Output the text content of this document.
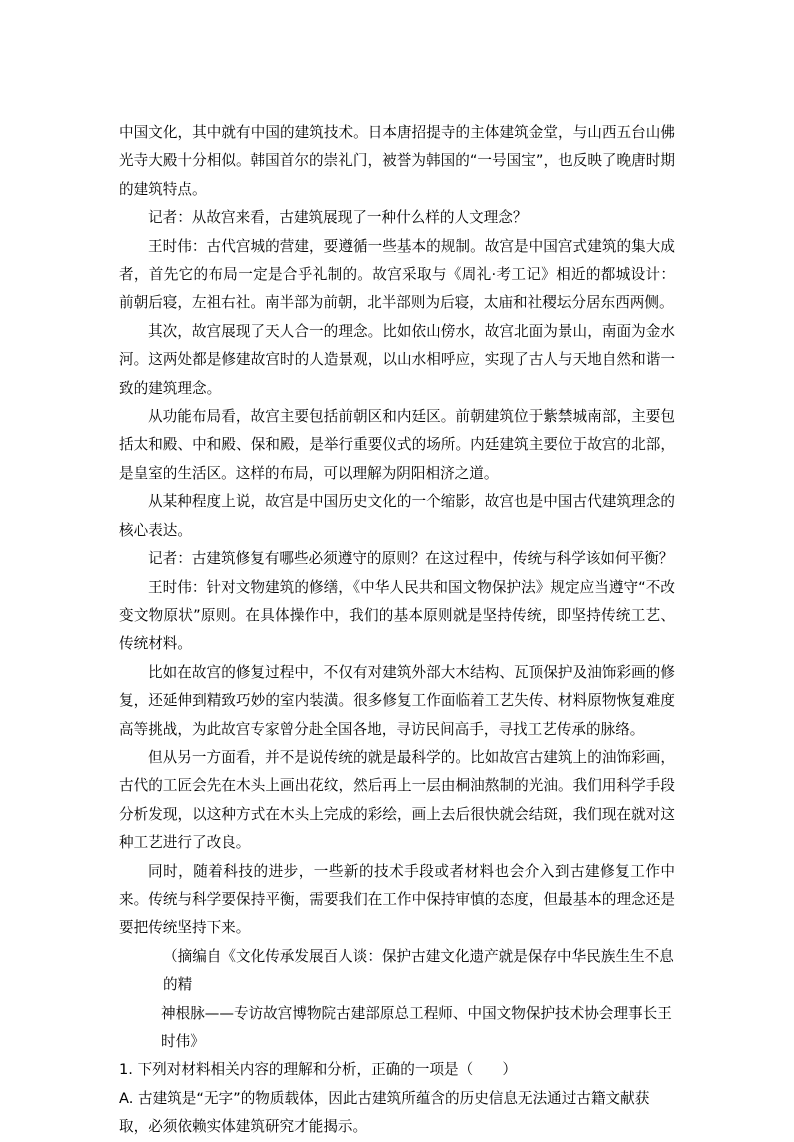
中国文化，其中就有中国的建筑技术。日本唐招提寺的主体建筑金堂，与山西五台山佛光寺大殿十分相似。韩国首尔的崇礼门，被誉为韩国的“一号国宝”，也反映了晚唐时期的建筑特点。

记者：从故宫来看，古建筑展现了一种什么样的人文理念？

王时伟：古代宫城的营建，要遵循一些基本的规制。故宫是中国宫式建筑的集大成者，首先它的布局一定是合乎礼制的。故宫采取与《周礼·考工记》相近的都城设计：前朝后寝，左祖右社。南半部为前朝，北半部则为后寝，太庙和社稷坛分居东西两侧。

其次，故宫展现了天人合一的理念。比如依山傍水，故宫北面为景山，南面为金水河。这两处都是修建故宫时的人造景观，以山水相呼应，实现了古人与天地自然和谐一致的建筑理念。

从功能布局看，故宫主要包括前朝区和内廷区。前朝建筑位于紫禁城南部，主要包括太和殿、中和殿、保和殿，是举行重要仪式的场所。内廷建筑主要位于故宫的北部，是皇室的生活区。这样的布局，可以理解为阴阳相济之道。

从某种程度上说，故宫是中国历史文化的一个缩影，故宫也是中国古代建筑理念的核心表达。

记者：古建筑修复有哪些必须遵守的原则？在这过程中，传统与科学该如何平衡？

王时伟：针对文物建筑的修缮，《中华人民共和国文物保护法》规定应当遵守“不改变文物原状”原则。在具体操作中，我们的基本原则就是坚持传统，即坚持传统工艺、传统材料。

比如在故宫的修复过程中，不仅有对建筑外部大木结构、瓦顶保护及油饰彩画的修复，还延伸到精致巧妙的室内装潢。很多修复工作面临着工艺失传、材料原物恢复难度高等挑战，为此故宫专家曾分赴全国各地，寻访民间高手，寻找工艺传承的脉络。

但从另一方面看，并不是说传统的就是最科学的。比如故宫古建筑上的油饰彩画，古代的工匠会先在木头上画出花纹，然后再上一层由桐油熬制的光油。我们用科学手段分析发现，以这种方式在木头上完成的彩绘，画上去后很快就会结斑，我们现在就对这种工艺进行了改良。

同时，随着科技的进步，一些新的技术手段或者材料也会介入到古建修复工作中来。传统与科学要保持平衡，需要我们在工作中保持审慎的态度，但最基本的理念还是要把传统坚持下来。

（摘编自《文化传承发展百人谈：保护古建文化遗产就是保存中华民族生生不息的精
神根脉——专访故宫博物院古建部原总工程师、中国文物保护技术协会理事长王时伟》

1. 下列对材料相关内容的理解和分析，正确的一项是（　　）

A. 古建筑是“无字”的物质载体，因此古建筑所蕴含的历史信息无法通过古籍文献获取，必须依赖实体建筑研究才能揭示。
